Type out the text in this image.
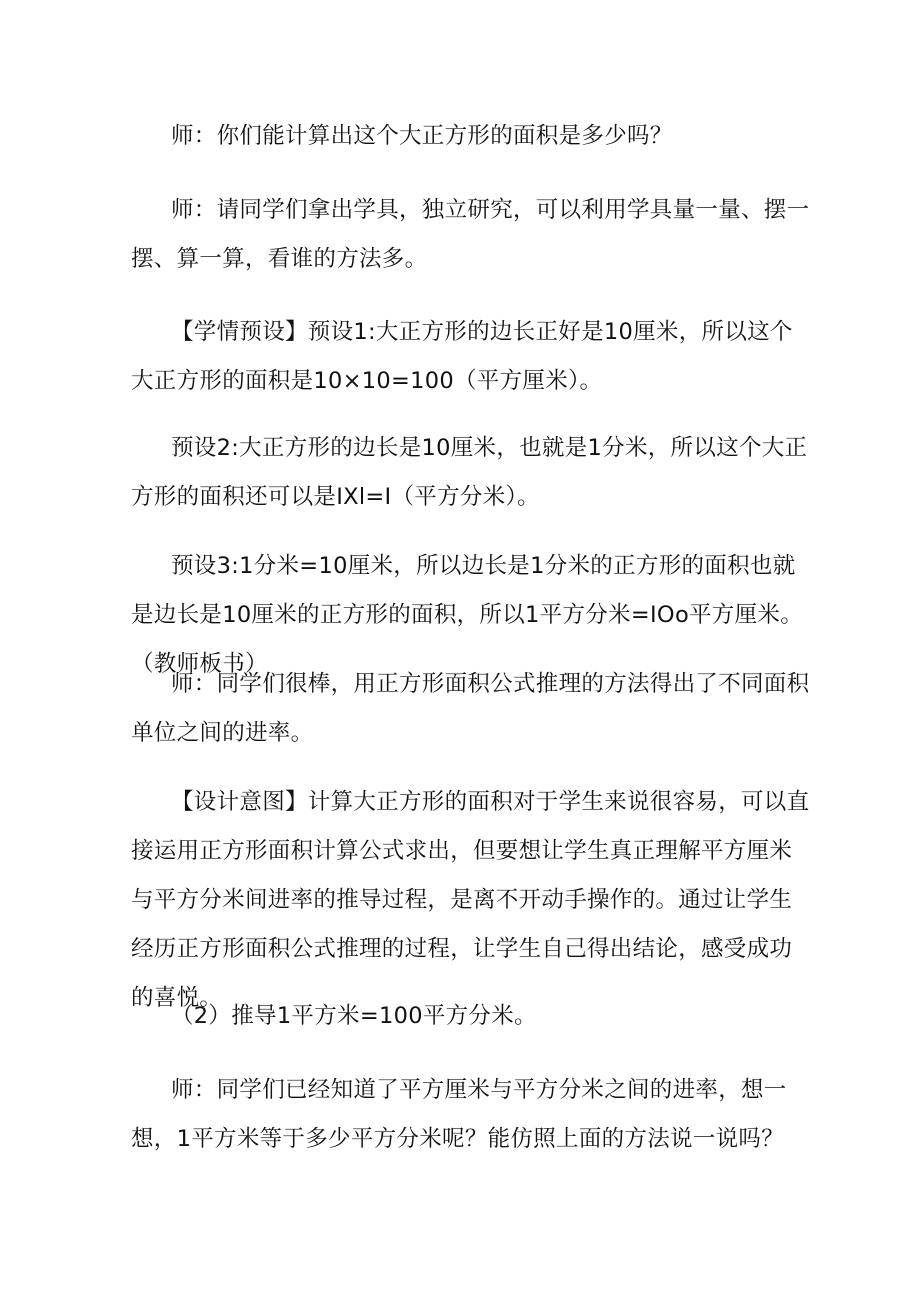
师：你们能计算出这个大正方形的面积是多少吗？

师：请同学们拿出学具，独立研究，可以利用学具量一量、摆一摆、算一算，看谁的方法多。

【学情预设】预设1:大正方形的边长正好是10厘米，所以这个大正方形的面积是10×10=100（平方厘米）。

预设2:大正方形的边长是10厘米，也就是1分米，所以这个大正方形的面积还可以是IXl=I（平方分米）。

预设3:1分米=10厘米，所以边长是1分米的正方形的面积也就是边长是10厘米的正方形的面积，所以1平方分米=IOo平方厘米。（教师板书）

师：同学们很棒，用正方形面积公式推理的方法得出了不同面积单位之间的进率。

【设计意图】计算大正方形的面积对于学生来说很容易，可以直接运用正方形面积计算公式求出，但要想让学生真正理解平方厘米与平方分米间进率的推导过程，是离不开动手操作的。通过让学生经历正方形面积公式推理的过程，让学生自己得出结论，感受成功的喜悦。

（2）推导1平方米=100平方分米。

师：同学们已经知道了平方厘米与平方分米之间的进率，想一想，1平方米等于多少平方分米呢？能仿照上面的方法说一说吗？
